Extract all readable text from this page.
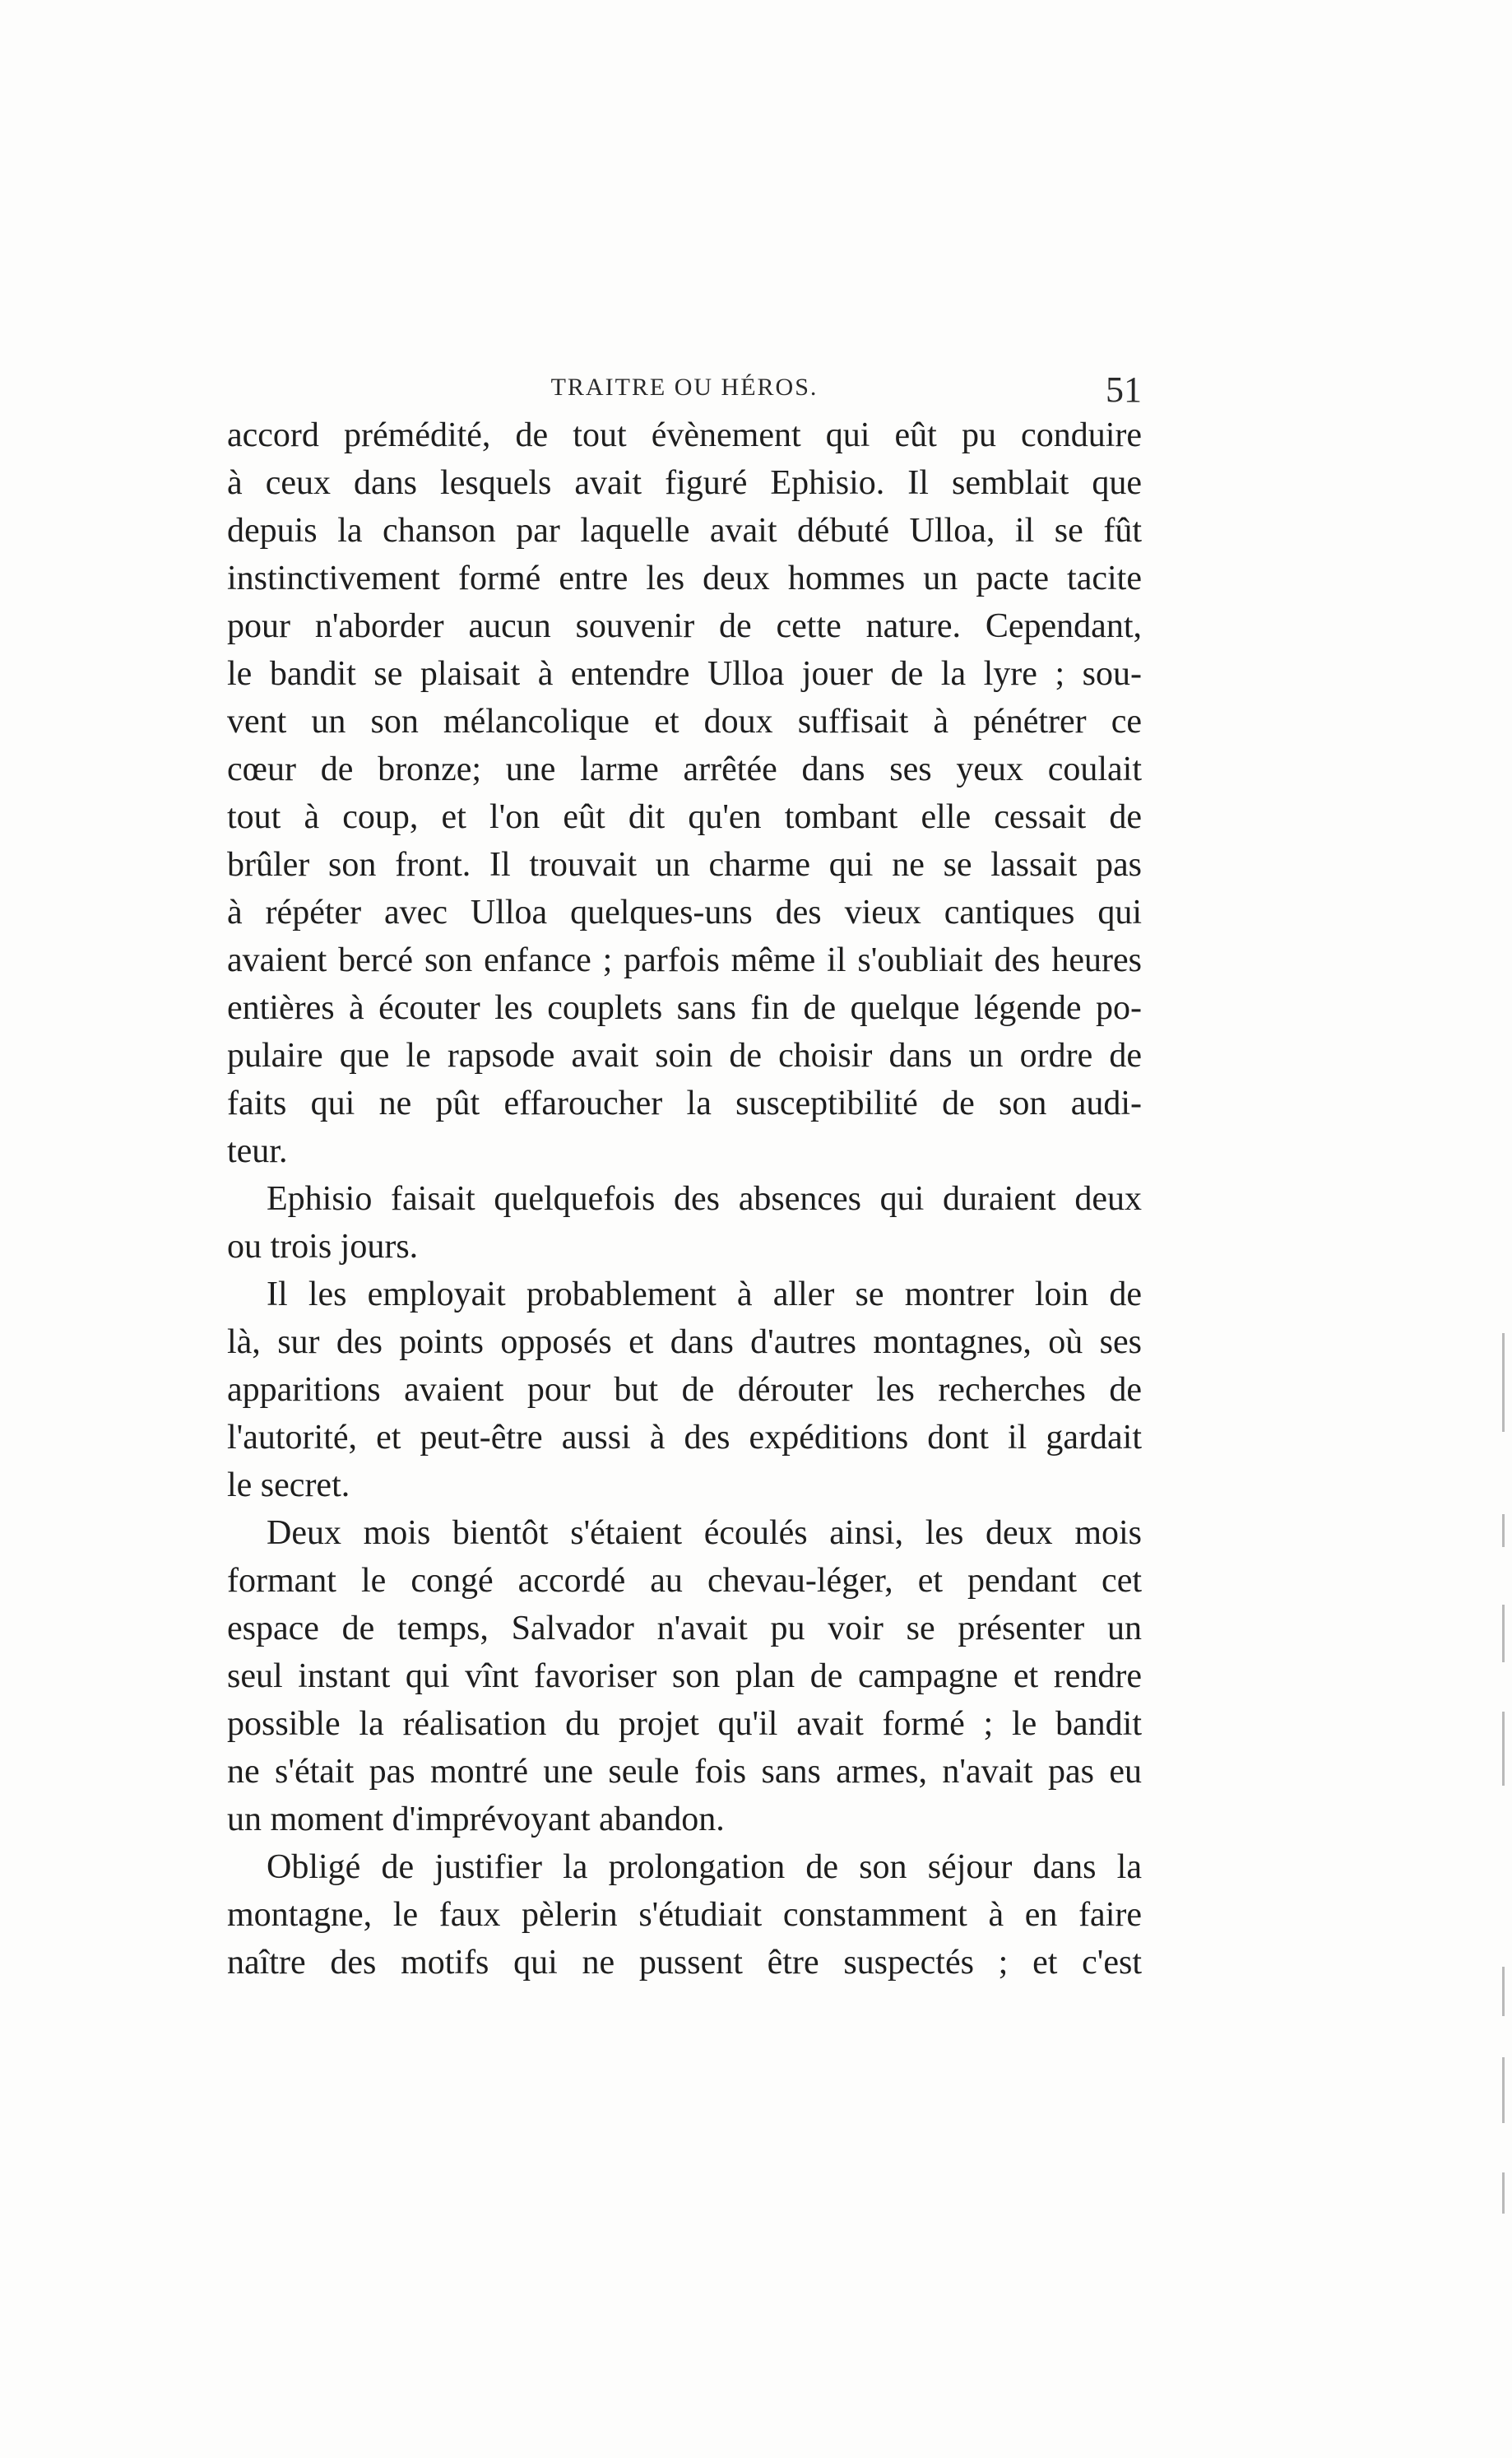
TRAITRE OU HÉROS.	51
accord prémédité, de tout évènement qui eût pu conduire
à ceux dans lesquels avait figuré Ephisio. Il semblait que
depuis la chanson par laquelle avait débuté Ulloa, il se fût
instinctivement formé entre les deux hommes un pacte tacite
pour n'aborder aucun souvenir de cette nature. Cependant,
le bandit se plaisait à entendre Ulloa jouer de la lyre ; sou-
vent un son mélancolique et doux suffisait à pénétrer ce
cœur de bronze; une larme arrêtée dans ses yeux coulait
tout à coup, et l'on eût dit qu'en tombant elle cessait de
brûler son front. Il trouvait un charme qui ne se lassait pas
à répéter avec Ulloa quelques-uns des vieux cantiques qui
avaient bercé son enfance ; parfois même il s'oubliait des heures
entières à écouter les couplets sans fin de quelque légende po-
pulaire que le rapsode avait soin de choisir dans un ordre de
faits qui ne pût effaroucher la susceptibilité de son audi-
teur.
Ephisio faisait quelquefois des absences qui duraient deux
ou trois jours.
Il les employait probablement à aller se montrer loin de
là, sur des points opposés et dans d'autres montagnes, où ses
apparitions avaient pour but de dérouter les recherches de
l'autorité, et peut-être aussi à des expéditions dont il gardait
le secret.
Deux mois bientôt s'étaient écoulés ainsi, les deux mois
formant le congé accordé au chevau-léger, et pendant cet
espace de temps, Salvador n'avait pu voir se présenter un
seul instant qui vînt favoriser son plan de campagne et rendre
possible la réalisation du projet qu'il avait formé ; le bandit
ne s'était pas montré une seule fois sans armes, n'avait pas eu
un moment d'imprévoyant abandon.
Obligé de justifier la prolongation de son séjour dans la
montagne, le faux pèlerin s'étudiait constamment à en faire
naître des motifs qui ne pussent être suspectés ; et c'est
